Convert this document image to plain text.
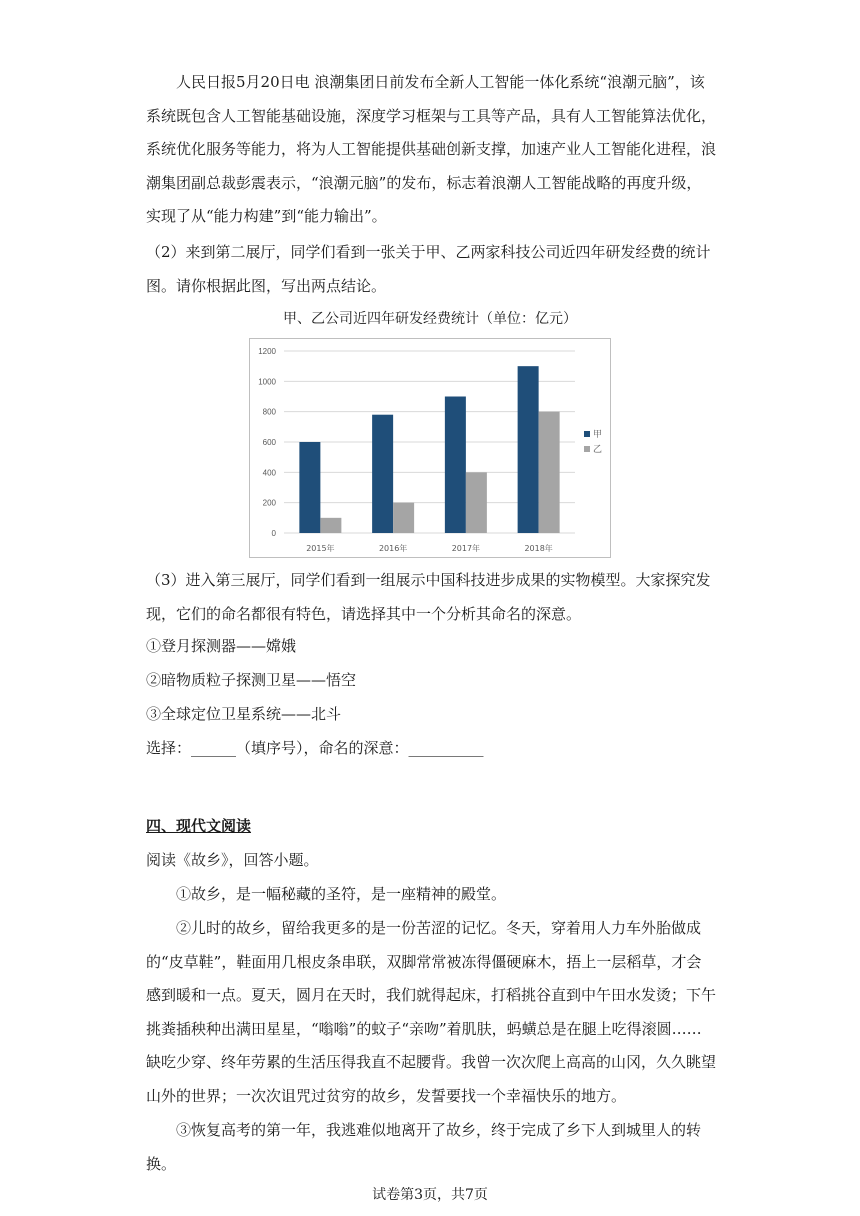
人民日报5月20日电 浪潮集团日前发布全新人工智能一体化系统“浪潮元脑”，该系统既包含人工智能基础设施，深度学习框架与工具等产品，具有人工智能算法优化，系统优化服务等能力，将为人工智能提供基础创新支撑，加速产业人工智能化进程，浪潮集团副总裁彭震表示，“浪潮元脑”的发布，标志着浪潮人工智能战略的再度升级，实现了从“能力构建”到“能力输出”。

（2）来到第二展厅，同学们看到一张关于甲、乙两家科技公司近四年研发经费的统计图。请你根据此图，写出两点结论。

甲、乙公司近四年研发经费统计（单位：亿元）
0
200
400
600
800
1000
1200
2015年	2016年	2017年	2018年
甲
乙

（3）进入第三展厅，同学们看到一组展示中国科技进步成果的实物模型。大家探究发现，它们的命名都很有特色，请选择其中一个分析其命名的深意。

①登月探测器——嫦娥
②暗物质粒子探测卫星——悟空
③全球定位卫星系统——北斗
选择：______（填序号），命名的深意：__________
四、现代文阅读
阅读《故乡》，回答小题。

①故乡，是一幅秘藏的圣符，是一座精神的殿堂。

②儿时的故乡，留给我更多的是一份苦涩的记忆。冬天，穿着用人力车外胎做成的“皮草鞋”，鞋面用几根皮条串联，双脚常常被冻得僵硬麻木，捂上一层稻草，才会感到暖和一点。夏天，圆月在天时，我们就得起床，打稻挑谷直到中午田水发烫；下午挑粪插秧种出满田星星，“嗡嗡”的蚊子“亲吻”着肌肤，蚂蟥总是在腿上吃得滚圆……缺吃少穿、终年劳累的生活压得我直不起腰背。我曾一次次爬上高高的山冈，久久眺望山外的世界；一次次诅咒过贫穷的故乡，发誓要找一个幸福快乐的地方。

③恢复高考的第一年，我逃难似地离开了故乡，终于完成了乡下人到城里人的转换。

试卷第3页，共7页
